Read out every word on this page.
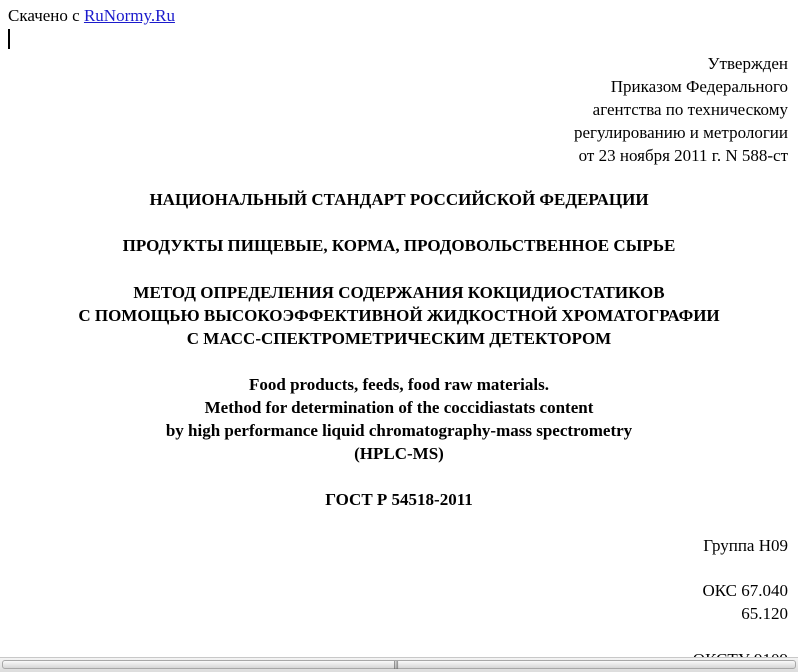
Скачено с RuNormy.Ru
Утвержден
Приказом Федерального
агентства по техническому
регулированию и метрологии
от 23 ноября 2011 г. N 588-ст
НАЦИОНАЛЬНЫЙ СТАНДАРТ РОССИЙСКОЙ ФЕДЕРАЦИИ
ПРОДУКТЫ ПИЩЕВЫЕ, КОРМА, ПРОДОВОЛЬСТВЕННОЕ СЫРЬЕ
МЕТОД ОПРЕДЕЛЕНИЯ СОДЕРЖАНИЯ КОКЦИДИОСТАТИКОВ
С ПОМОЩЬЮ ВЫСОКОЭФФЕКТИВНОЙ ЖИДКОСТНОЙ ХРОМАТОГРАФИИ
С МАСС-СПЕКТРОМЕТРИЧЕСКИМ ДЕТЕКТОРОМ
Food products, feeds, food raw materials.
Method for determination of the coccidiastats content
by high performance liquid chromatography-mass spectrometry
(HPLC-MS)
ГОСТ Р 54518-2011
Группа Н09
ОКС 67.040
65.120
|||
